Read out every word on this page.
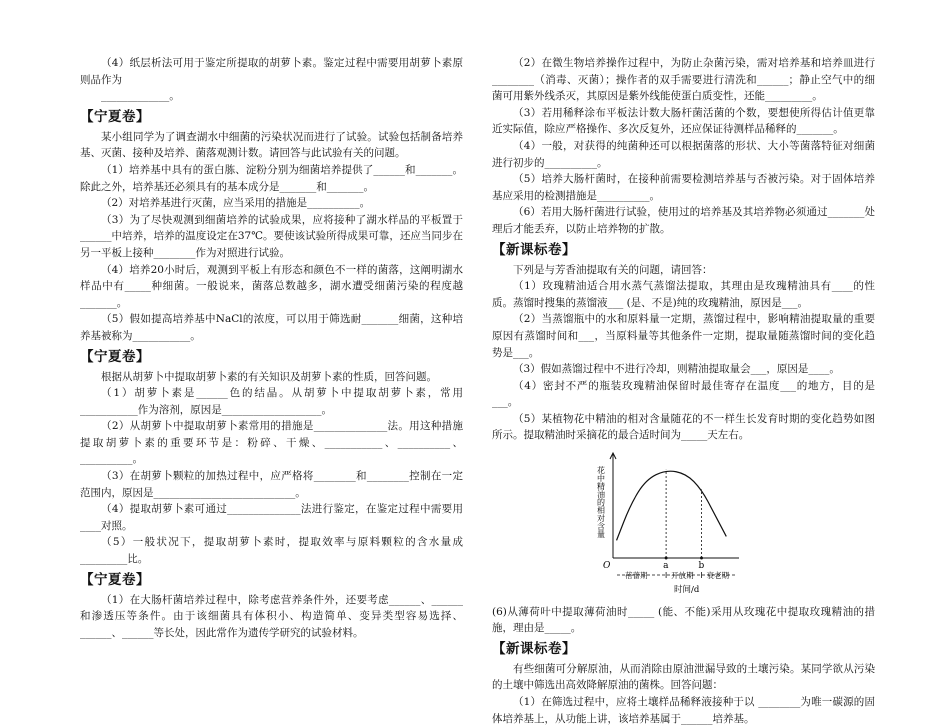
（4）纸层析法可用于鉴定所提取的胡萝卜素。鉴定过程中需要用胡萝卜素原则品作为
_____________。
【宁夏卷】
某小组同学为了调查湖水中细菌的污染状况而进行了试验。试验包括制备培养基、灭菌、接种及培养、菌落观测计数。请回答与此试验有关的问题。
（1）培养基中具有的蛋白胨、淀粉分别为细菌培养提供了______和_______。除此之外，培养基还必须具有的基本成分是_______和_______。
（2）对培养基进行灭菌，应当采用的措施是__________。
（3）为了尽快观测到细菌培养的试验成果，应将接种了湖水样品的平板置于______中培养，培养的温度设定在37℃。要使该试验所得成果可靠，还应当同步在另一平板上接种________作为对照进行试验。
（4）培养20小时后，观测到平板上有形态和颜色不一样的菌落，这阐明湖水样品中有_____种细菌。一般说来，菌落总数越多，湖水遭受细菌污染的程度越_______。
（5）假如提高培养基中NaCl的浓度，可以用于筛选耐_______细菌，这种培养基被称为___________。
【宁夏卷】
根据从胡萝卜中提取胡萝卜素的有关知识及胡萝卜素的性质，回答问题。
（1）胡萝卜素是______色的结晶。从胡萝卜中提取胡萝卜素，常用___________作为溶剂，原因是___________________。
（2）从胡萝卜中提取胡萝卜素常用的措施是______________法。用这种措施提取胡萝卜素的重要环节是：粉碎、干燥、___________、__________、__________。
（3）在胡萝卜颗粒的加热过程中，应严格将________和________控制在一定范围内，原因是___________________________。
（4）提取胡萝卜素可通过______________法进行鉴定，在鉴定过程中需要用____对照。
（5）一般状况下，提取胡萝卜素时，提取效率与原料颗粒的含水量成_________比。
【宁夏卷】
（1）在大肠杆菌培养过程中，除考虑营养条件外，还要考虑______、______和渗透压等条件。由于该细菌具有体积小、构造简单、变异类型容易选择、______、______等长处，因此常作为遗传学研究的试验材料。
（2）在微生物培养操作过程中，为防止杂菌污染，需对培养基和培养皿进行________（消毒、灭菌）；操作者的双手需要进行清洗和______；静止空气中的细菌可用紫外线杀灭，其原因是紫外线能使蛋白质变性，还能_________。
（3）若用稀释涂布平板法计数大肠杆菌活菌的个数，要想使所得估计值更靠近实际值，除应严格操作、多次反复外，还应保证待测样品稀释的_______。
（4）一般，对获得的纯菌种还可以根据菌落的形状、大小等菌落特征对细菌进行初步的__________。
（5）培养大肠杆菌时，在接种前需要检测培养基与否被污染。对于固体培养基应采用的检测措施是__________。
（6）若用大肠杆菌进行试验，使用过的培养基及其培养物必须通过_______处理后才能丢弃，以防止培养物的扩散。
【新课标卷】
下列是与芳香油提取有关的问题，请回答：
（1）玫瑰精油适合用水蒸气蒸馏法提取，其理由是玫瑰精油具有____的性质。蒸馏时搜集的蒸馏液___ (是、不是)纯的玫瑰精油，原因是___。
（2）当蒸馏瓶中的水和原料量一定期，蒸馏过程中，影响精油提取量的重要原因有蒸馏时间和___，当原料量等其他条件一定期，提取量随蒸馏时间的变化趋势是___。
（3）假如蒸馏过程中不进行冷却，则精油提取量会___，原因是____。
（4）密封不严的瓶装玫瑰精油保留时最佳寄存在温度___的地方，目的是___。
（5）某植物花中精油的相对含量随花的不一样生长发育时期的变化趋势如图所示。提取精油时采摘花的最合适时间为_____天左右。
花中精油的相对含量
O	a	b
蓓蕾期	开放期 衰老期
时间/d
(6)从薄荷叶中提取薄荷油时_____ (能、不能)采用从玫瑰花中提取玫瑰精油的措施，理由是_____。
【新课标卷】
有些细菌可分解原油，从而消除由原油泄漏导致的土壤污染。某同学欲从污染的土壤中筛选出高效降解原油的菌株。回答问题：
（1）在筛选过程中，应将土壤样品稀释液接种于以 ________为唯一碳源的固体培养基上，从功能上讲，该培养基属于______培养基。
